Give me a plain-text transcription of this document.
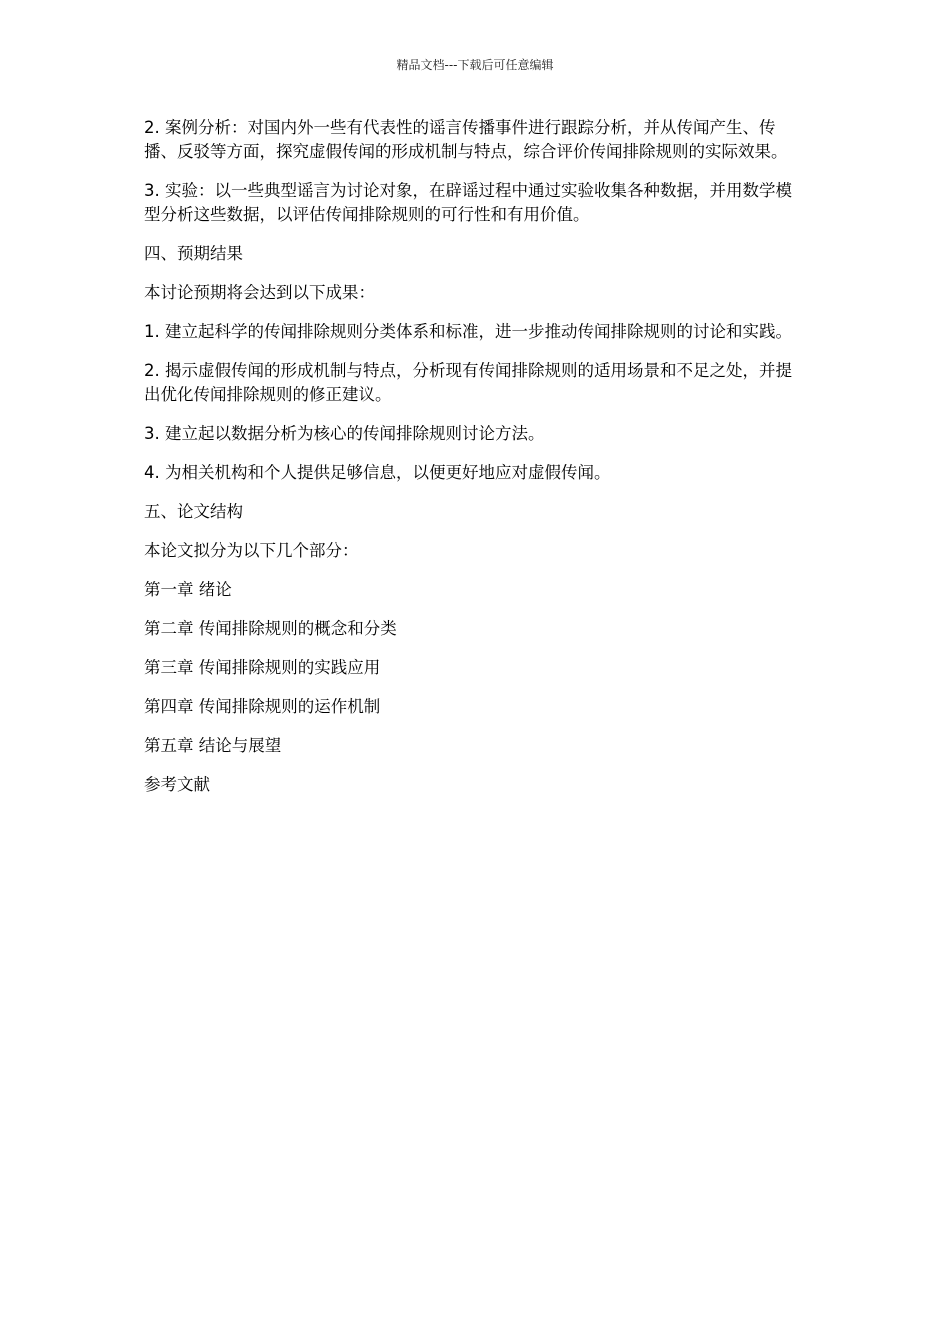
精品文档---下载后可任意编辑

2. 案例分析：对国内外一些有代表性的谣言传播事件进行跟踪分析，并从传闻产生、传播、反驳等方面，探究虚假传闻的形成机制与特点，综合评价传闻排除规则的实际效果。

3. 实验：以一些典型谣言为讨论对象，在辟谣过程中通过实验收集各种数据，并用数学模型分析这些数据，以评估传闻排除规则的可行性和有用价值。

四、预期结果

本讨论预期将会达到以下成果：

1. 建立起科学的传闻排除规则分类体系和标准，进一步推动传闻排除规则的讨论和实践。

2. 揭示虚假传闻的形成机制与特点，分析现有传闻排除规则的适用场景和不足之处，并提出优化传闻排除规则的修正建议。

3. 建立起以数据分析为核心的传闻排除规则讨论方法。

4. 为相关机构和个人提供足够信息，以便更好地应对虚假传闻。

五、论文结构

本论文拟分为以下几个部分：

第一章 绪论

第二章 传闻排除规则的概念和分类

第三章 传闻排除规则的实践应用

第四章 传闻排除规则的运作机制

第五章 结论与展望

参考文献
